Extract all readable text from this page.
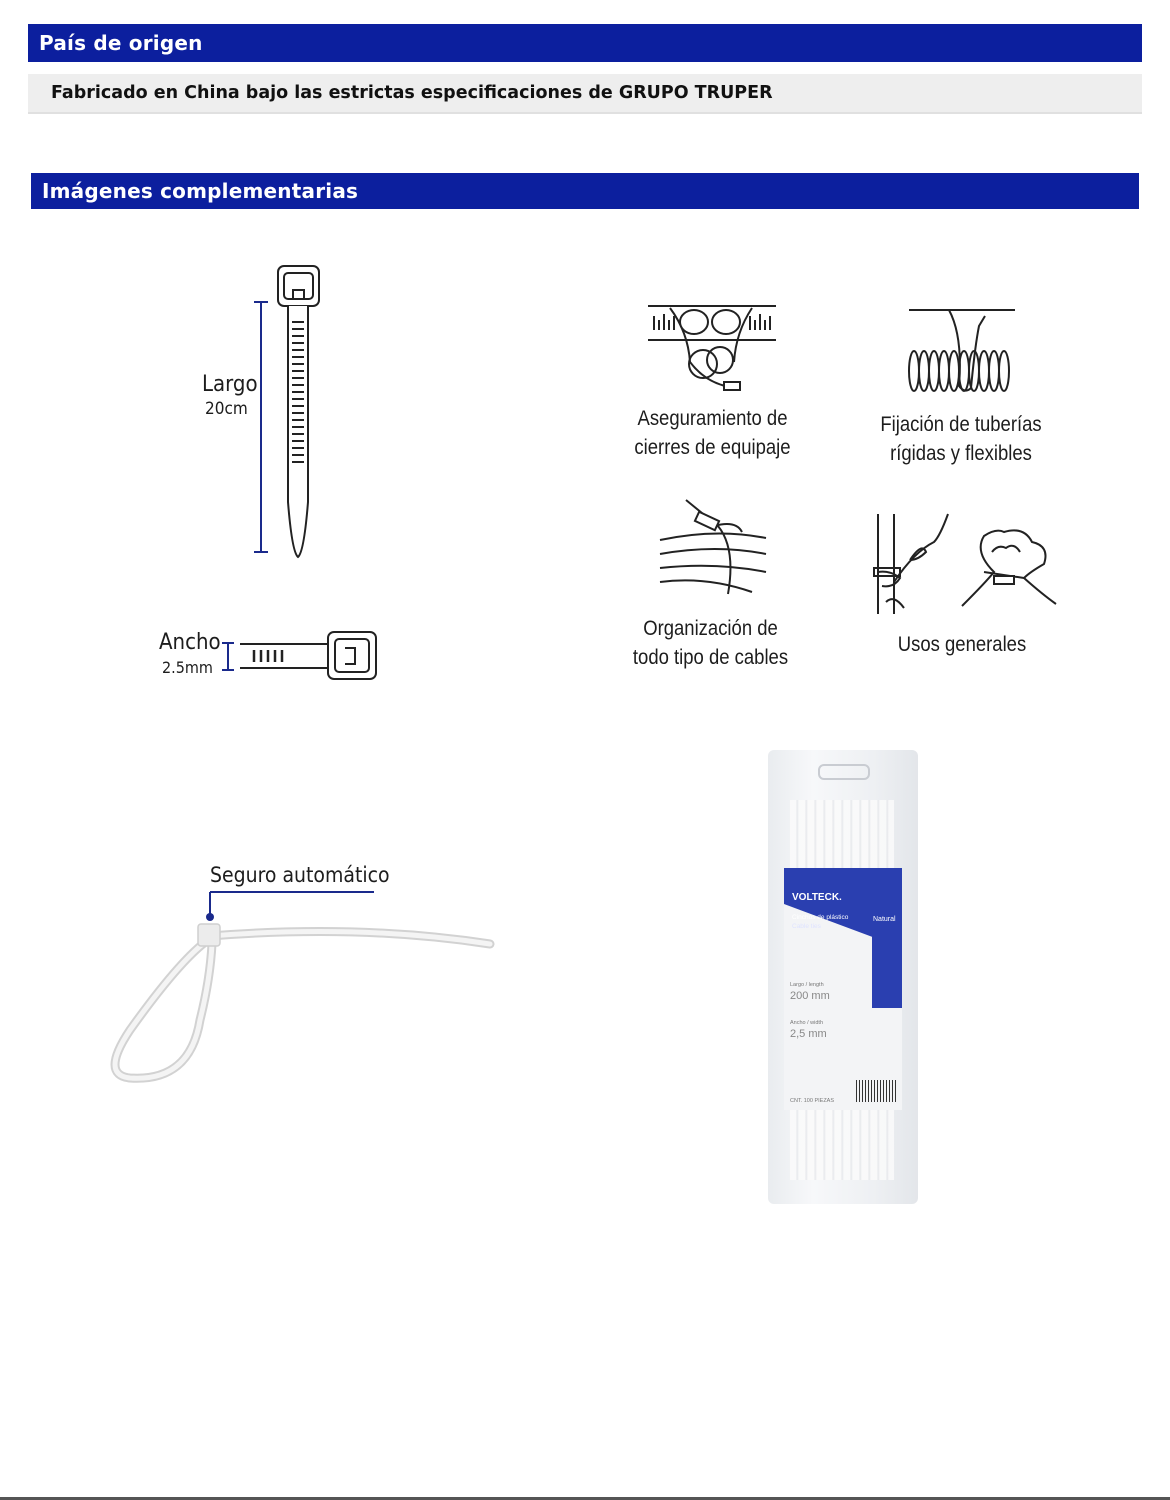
País de origen
Fabricado en China bajo las estrictas especificaciones de GRUPO TRUPER
Imágenes complementarias
Largo
20cm
Ancho
2.5mm
Aseguramiento de
cierres de equipaje
Fijación de tuberías
rígidas y flexibles
Organización de
todo tipo de cables
Usos generales
Seguro automático
VOLTECK.
Cinchos de plástico
Cable ties
Natural
Largo / length
200 mm
Ancho / width
2,5 mm
CNT. 100 PIEZAS
